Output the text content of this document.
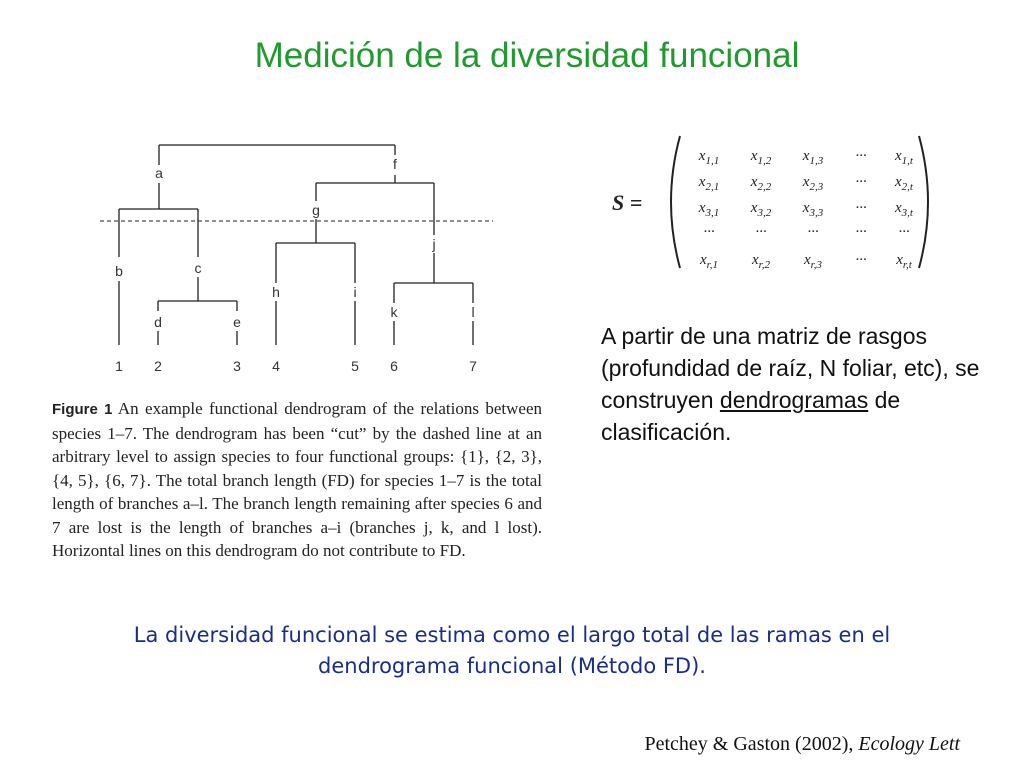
Medición de la diversidad funcional
a
b	c
d	e
f
g
h	i
j
k	l
1 2	3 4	5 6	7
Figure 1 An example functional dendrogram of the relations between species 1–7. The dendrogram has been “cut” by the dashed line at an arbitrary level to assign species to four functional groups: {1}, {2, 3}, {4, 5}, {6, 7}. The total branch length (FD) for species 1–7 is the total length of branches a–l. The branch length remaining after species 6 and 7 are lost is the length of branches a–i (branches j, k, and l lost). Horizontal lines on this dendrogram do not contribute to FD.
S =
$x_{1,1}$ $x_{1,2}$ $x_{1,3}$ ··· $x_{1,t}$
$x_{2,1}$ $x_{2,2}$ $x_{2,3}$ ··· $x_{2,t}$
$x_{3,1}$ $x_{3,2}$ $x_{3,3}$ ··· $x_{3,t}$
···	···	··· ··· ···
$x_{r,1}$ $x_{r,2}$ $x_{r,3}$ ··· $x_{r,t}$
A partir de una matriz de rasgos (profundidad de raíz, N foliar, etc), se construyen dendrogramas de clasificación.
La diversidad funcional se estima como el largo total de las ramas en el dendrograma funcional (Método FD).
Petchey & Gaston (2002), Ecology Lett
